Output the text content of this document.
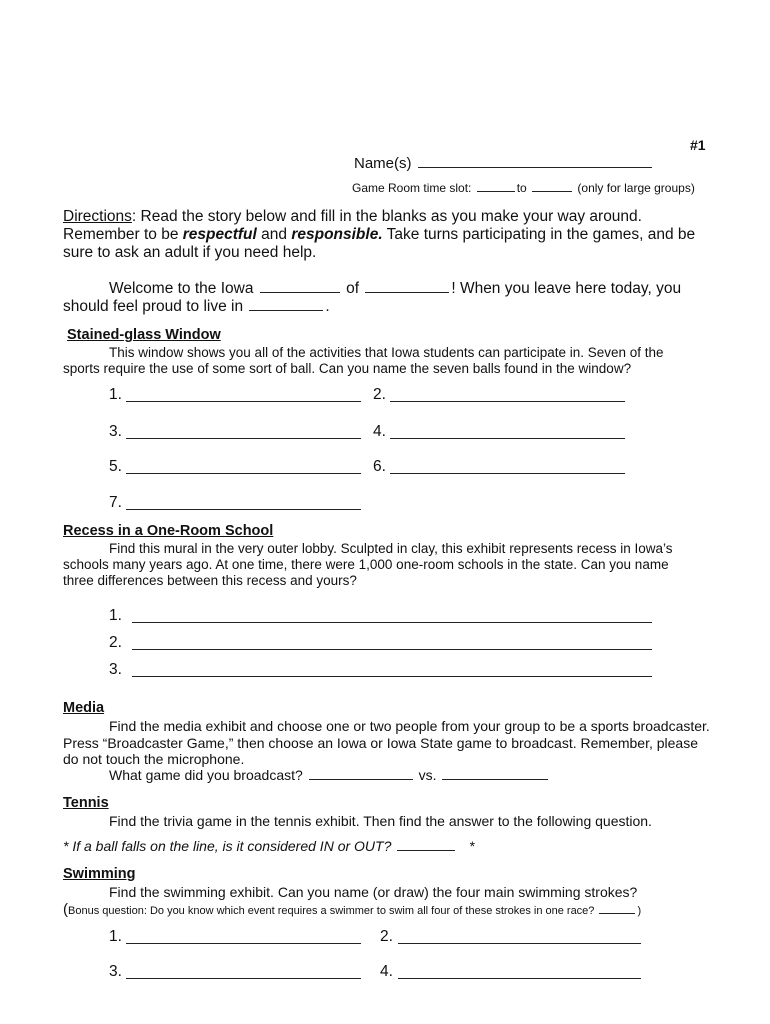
#1
Name(s)
Game Room time slot:	to	(only for large groups)
Directions: Read the story below and fill in the blanks as you make your way around.
Remember to be respectful and responsible. Take turns participating in the games, and be
sure to ask an adult if you need help.
Welcome to the Iowa	of	! When you leave here today, you
should feel proud to live in	.
Stained-glass Window
This window shows you all of the activities that Iowa students can participate in. Seven of the
sports require the use of some sort of ball. Can you name the seven balls found in the window?
1.	2.
3.	4.
5.	6.
7.
Recess in a One-Room School
Find this mural in the very outer lobby. Sculpted in clay, this exhibit represents recess in Iowa’s
schools many years ago. At one time, there were 1,000 one-room schools in the state. Can you name
three differences between this recess and yours?
1.
2.
3.
Media
Find the media exhibit and choose one or two people from your group to be a sports broadcaster.
Press “Broadcaster Game,” then choose an Iowa or Iowa State game to broadcast. Remember, please
do not touch the microphone.
What game did you broadcast?	vs.
Tennis
Find the trivia game in the tennis exhibit. Then find the answer to the following question.
* If a ball falls on the line, is it considered IN or OUT?	*
Swimming
Find the swimming exhibit. Can you name (or draw) the four main swimming strokes?
(Bonus question: Do you know which event requires a swimmer to swim all four of these strokes in one race?	)
1.	2.
3.	4.
